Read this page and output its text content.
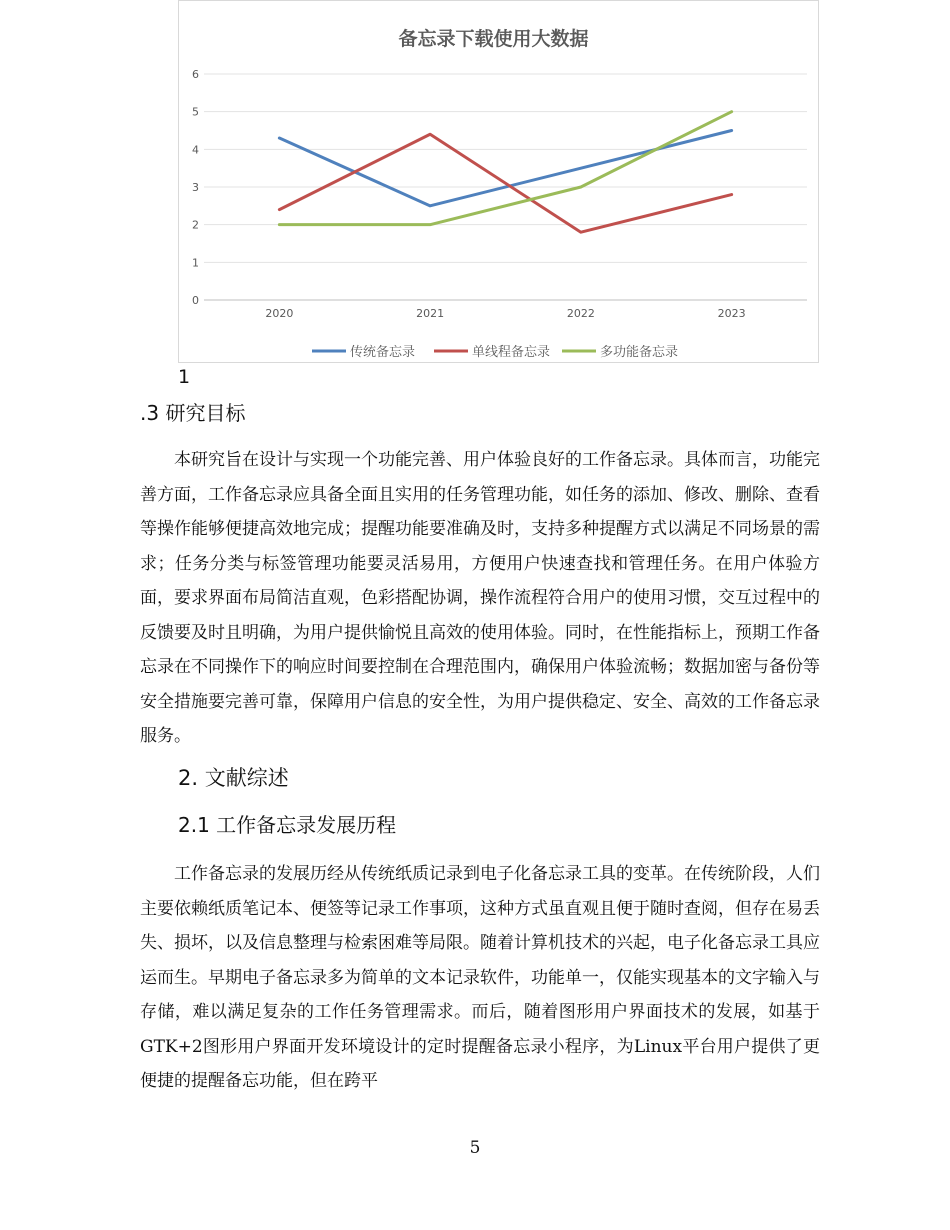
备忘录下载使用大数据
0
1
2
3
4
5
6
2020	2021	2022	2023
传统备忘录	单线程备忘录	多功能备忘录
1
.3 研究目标

本研究旨在设计与实现一个功能完善、用户体验良好的工作备忘录。具体而言，功能完善方面，工作备忘录应具备全面且实用的任务管理功能，如任务的添加、修改、删除、查看等操作能够便捷高效地完成；提醒功能要准确及时，支持多种提醒方式以满足不同场景的需求；任务分类与标签管理功能要灵活易用，方便用户快速查找和管理任务。在用户体验方面，要求界面布局简洁直观，色彩搭配协调，操作流程符合用户的使用习惯，交互过程中的反馈要及时且明确，为用户提供愉悦且高效的使用体验。同时，在性能指标上，预期工作备忘录在不同操作下的响应时间要控制在合理范围内，确保用户体验流畅；数据加密与备份等安全措施要完善可靠，保障用户信息的安全性，为用户提供稳定、安全、高效的工作备忘录服务。

2. 文献综述
2.1 工作备忘录发展历程

工作备忘录的发展历经从传统纸质记录到电子化备忘录工具的变革。在传统阶段，人们主要依赖纸质笔记本、便签等记录工作事项，这种方式虽直观且便于随时查阅，但存在易丢失、损坏，以及信息整理与检索困难等局限。随着计算机技术的兴起，电子化备忘录工具应运而生。早期电子备忘录多为简单的文本记录软件，功能单一，仅能实现基本的文字输入与存储，难以满足复杂的工作任务管理需求。而后，随着图形用户界面技术的发展，如基于GTK+2图形用户界面开发环境设计的定时提醒备忘录小程序，为Linux平台用户提供了更便捷的提醒备忘功能，但在跨平

5
